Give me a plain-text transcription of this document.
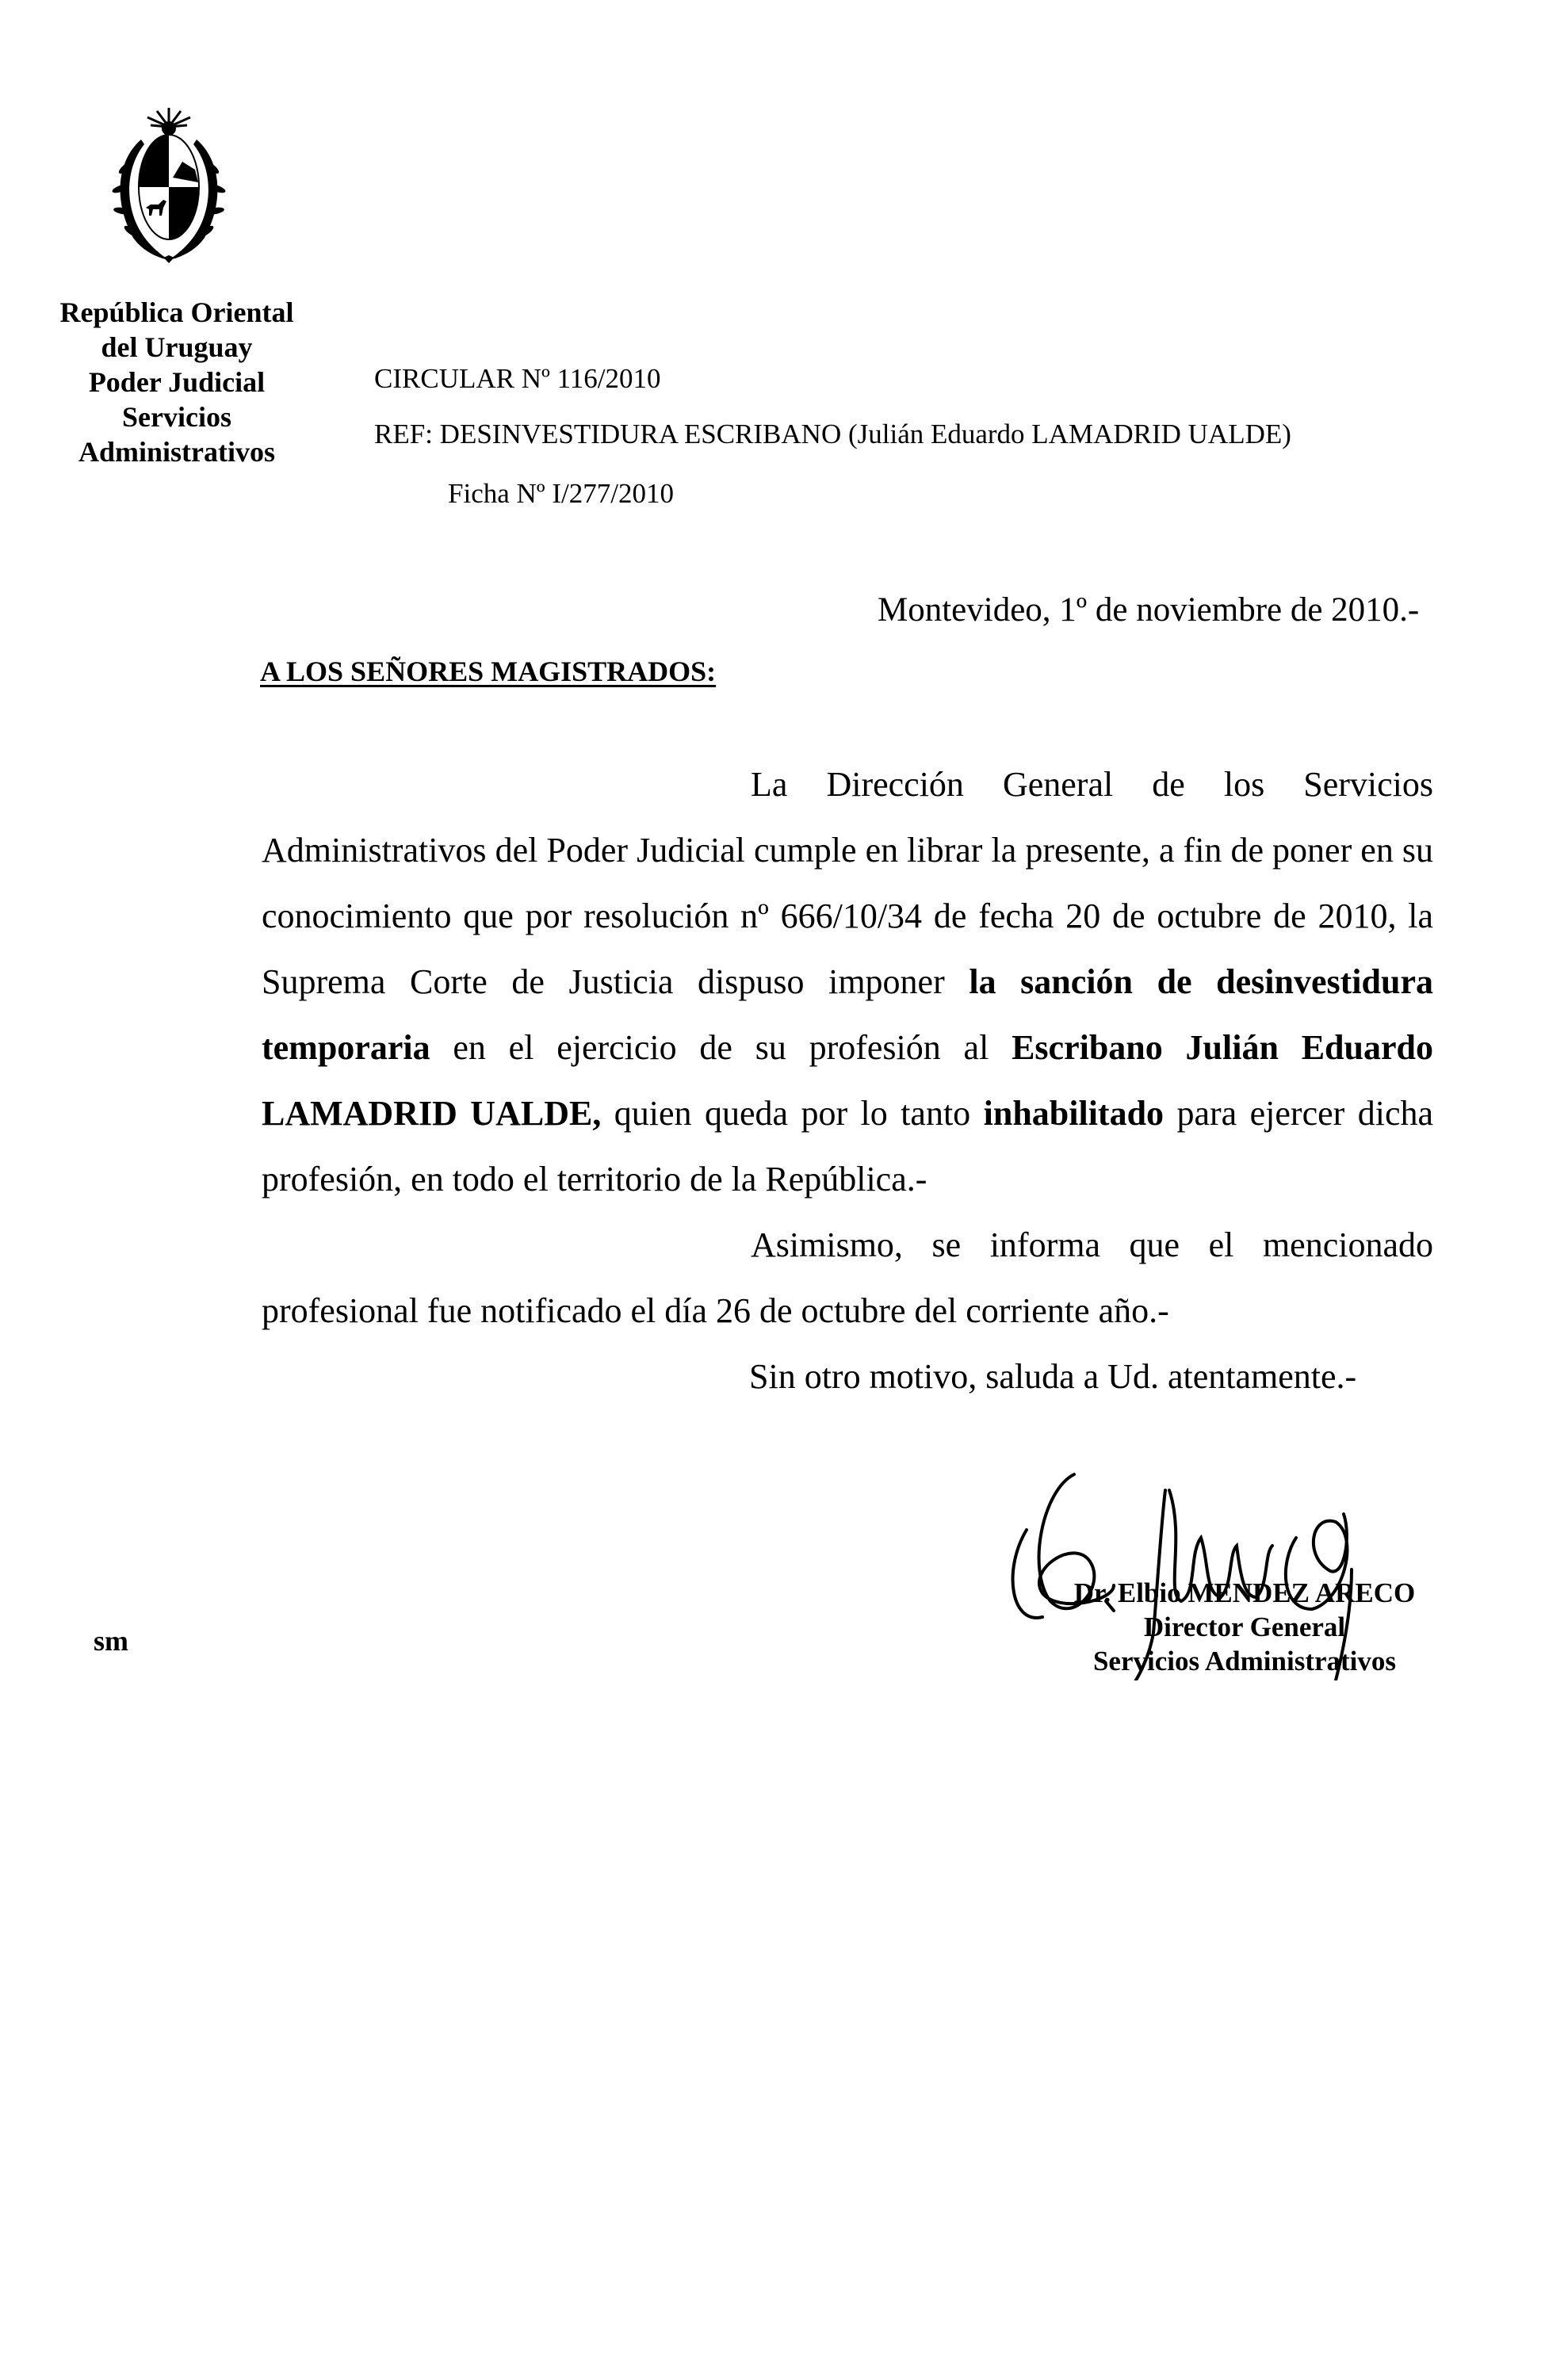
República Oriental
del Uruguay
Poder Judicial
Servicios
Administrativos
CIRCULAR Nº 116/2010
REF: DESINVESTIDURA ESCRIBANO (Julián Eduardo LAMADRID UALDE)
Ficha Nº I/277/2010
Montevideo, 1º de noviembre de 2010.-
A LOS SEÑORES MAGISTRADOS:

La Dirección General de los Servicios Administrativos del Poder Judicial cumple en librar la presente, a fin de poner en su conocimiento que por resolución nº 666/10/34 de fecha 20 de octubre de 2010, la Suprema Corte de Justicia dispuso imponer la sanción de desinvestidura temporaria en el ejercicio de su profesión al Escribano Julián Eduardo LAMADRID UALDE, quien queda por lo tanto inhabilitado para ejercer dicha profesión, en todo el territorio de la República.-

Asimismo, se informa que el mencionado profesional fue notificado el día 26 de octubre del corriente año.-

Sin otro motivo, saluda a Ud. atentamente.-

Dr. Elbio MENDEZ ARECO
Director General
Servicios Administrativos
sm
